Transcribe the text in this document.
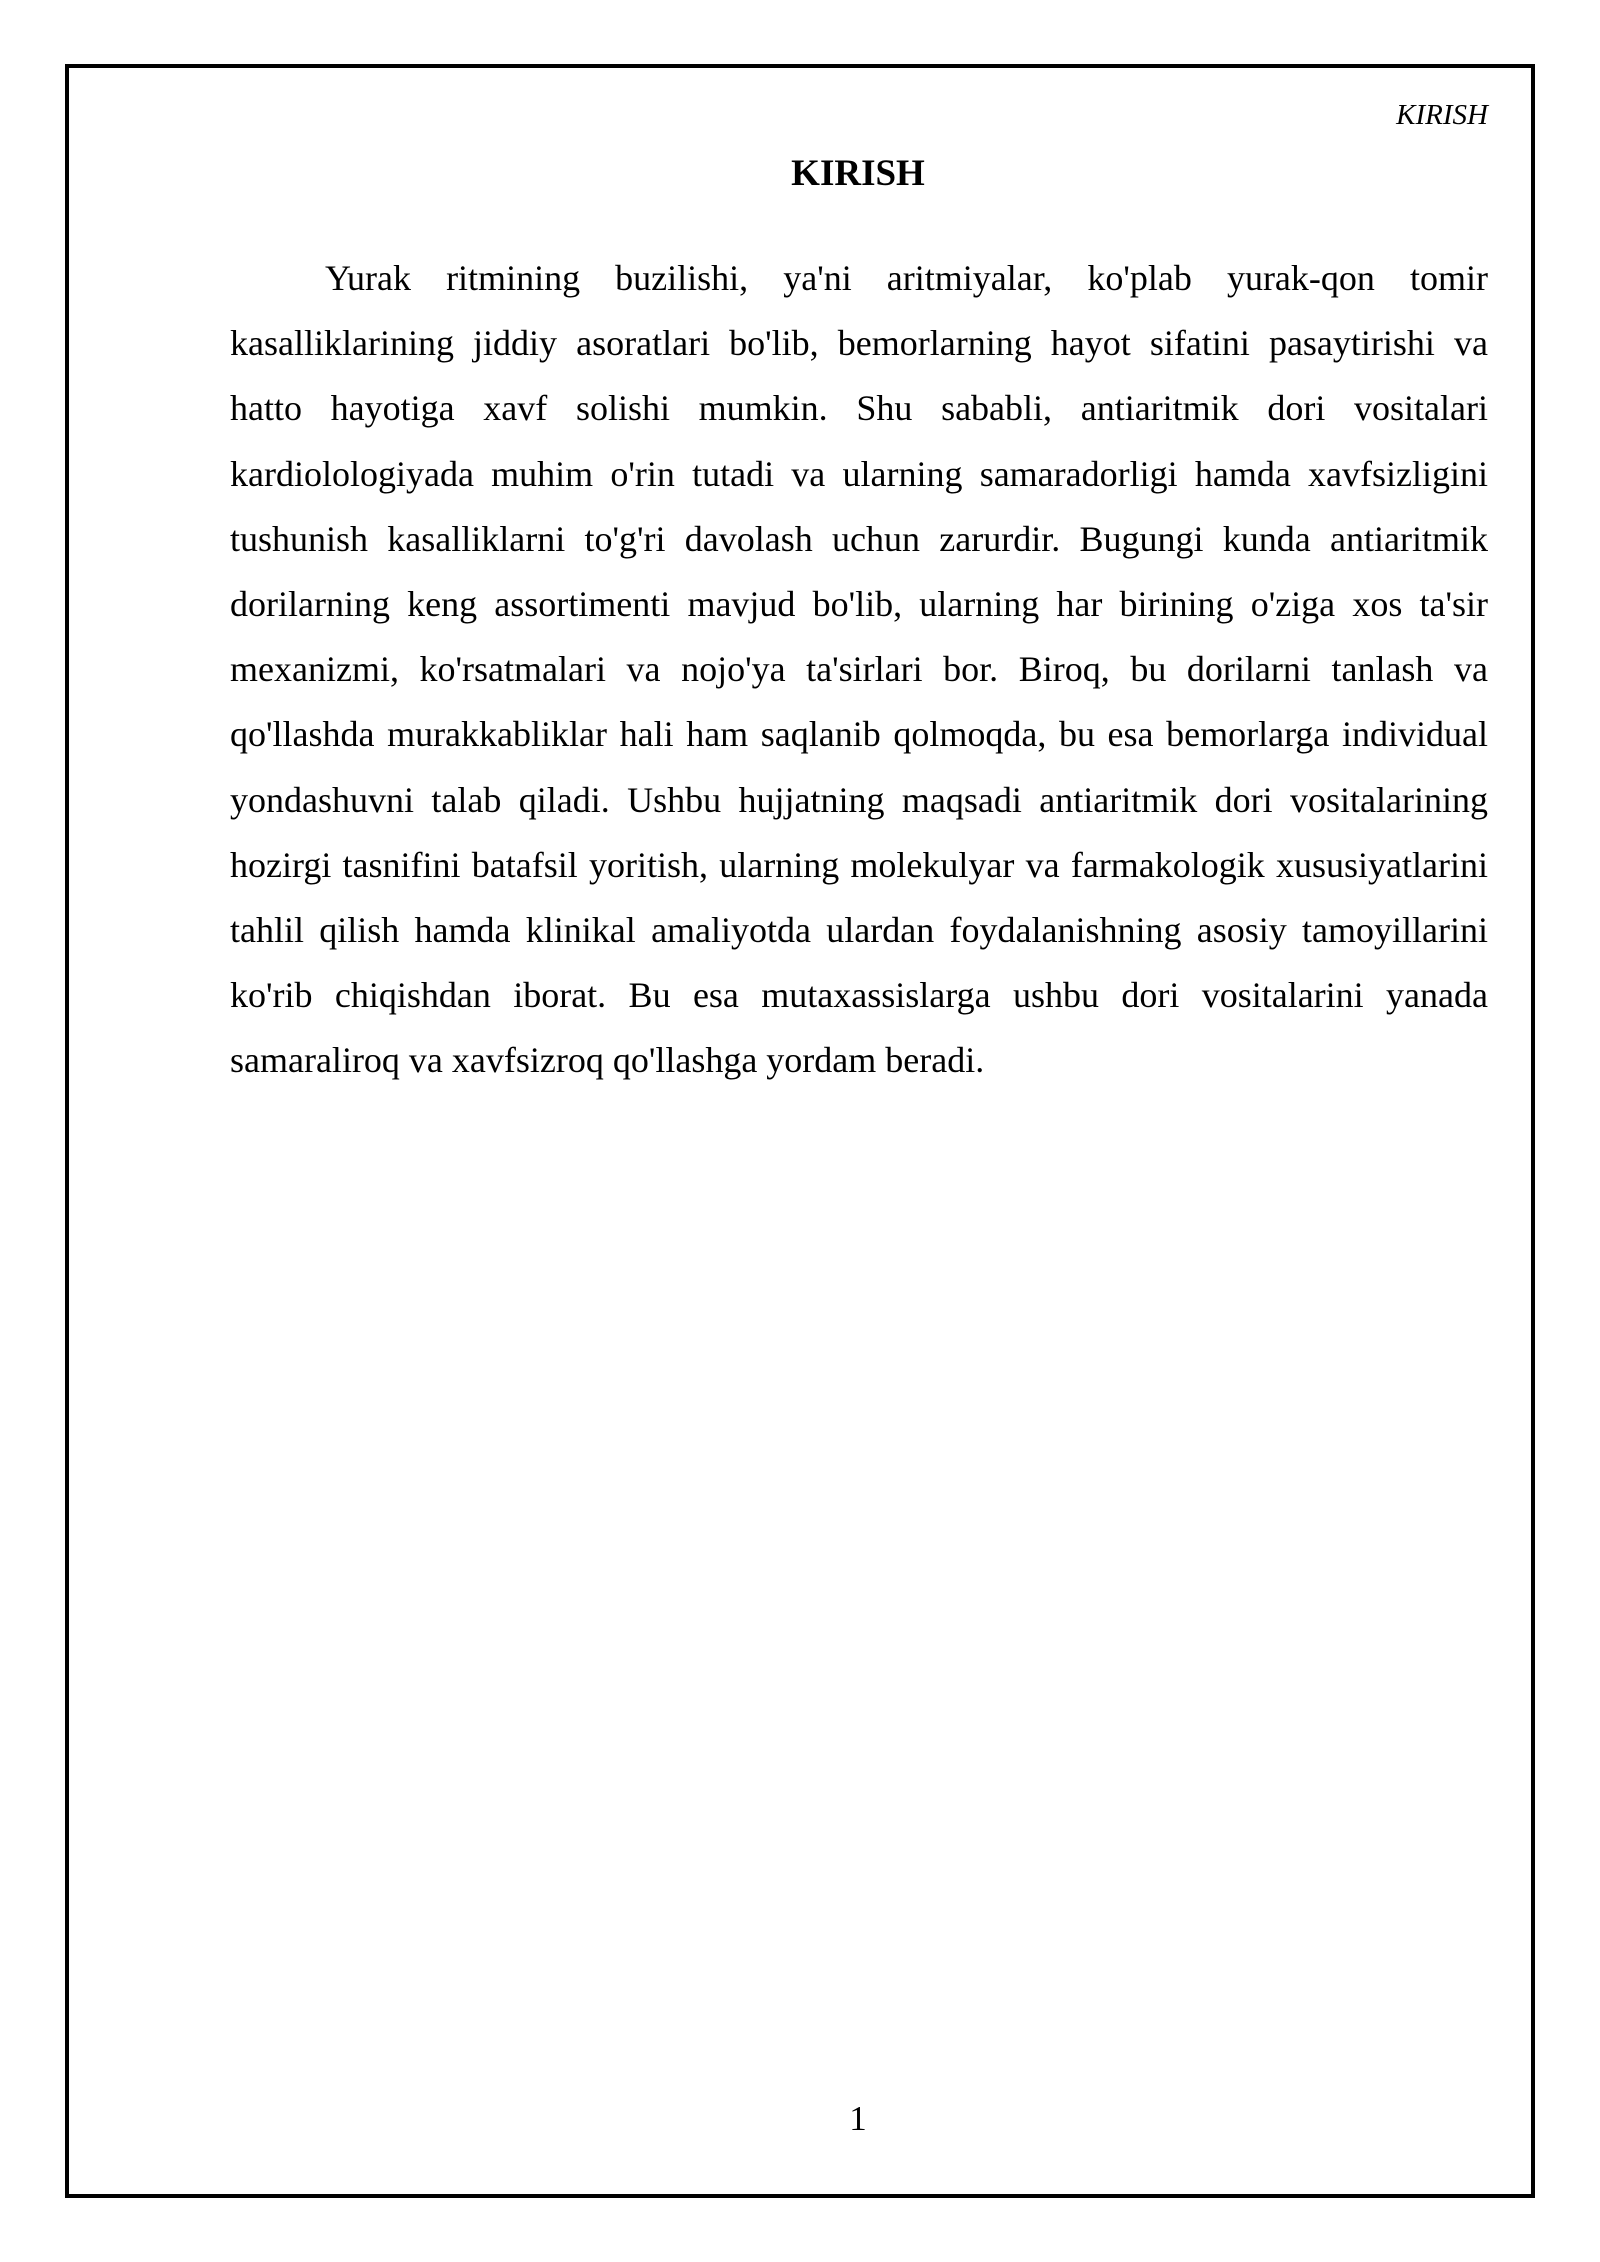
KIRISH
KIRISH

Yurak ritmining buzilishi, ya'ni aritmiyalar, ko'plab yurak-qon tomir kasalliklarining jiddiy asoratlari bo'lib, bemorlarning hayot sifatini pasaytirishi va hatto hayotiga xavf solishi mumkin. Shu sababli, antiaritmik dori vositalari kardiolologiyada muhim o'rin tutadi va ularning samaradorligi hamda xavfsizligini tushunish kasalliklarni to'g'ri davolash uchun zarurdir. Bugungi kunda antiaritmik dorilarning keng assortimenti mavjud bo'lib, ularning har birining o'ziga xos ta'sir mexanizmi, ko'rsatmalari va nojo'ya ta'sirlari bor. Biroq, bu dorilarni tanlash va qo'llashda murakkabliklar hali ham saqlanib qolmoqda, bu esa bemorlarga individual yondashuvni talab qiladi. Ushbu hujjatning maqsadi antiaritmik dori vositalarining hozirgi tasnifini batafsil yoritish, ularning molekulyar va farmakologik xususiyatlarini tahlil qilish hamda klinikal amaliyotda ulardan foydalanishning asosiy tamoyillarini ko'rib chiqishdan iborat. Bu esa mutaxassislarga ushbu dori vositalarini yanada samaraliroq va xavfsizroq qo'llashga yordam beradi.

1
